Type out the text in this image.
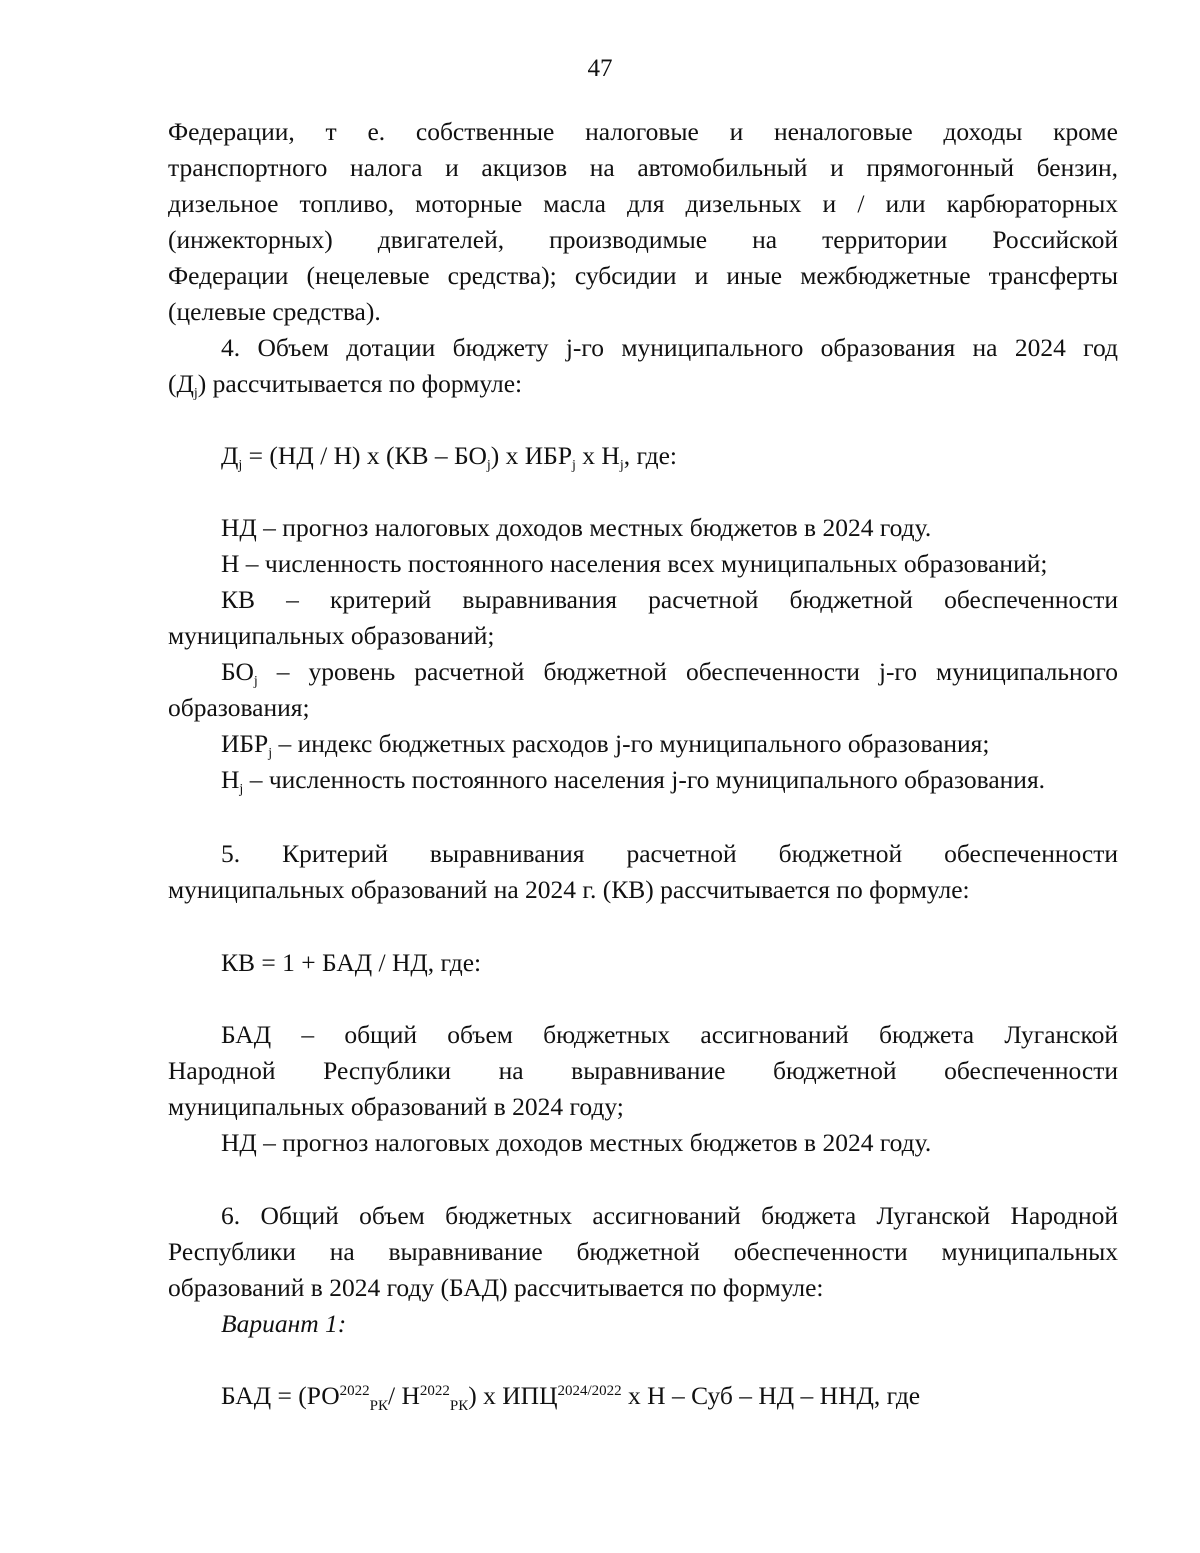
47
Федерации, т е. собственные налоговые и неналоговые доходы кроме
транспортного налога и акцизов на автомобильный и прямогонный бензин,
дизельное топливо, моторные масла для дизельных и / или карбюраторных
(инжекторных) двигателей, производимые на территории Российской
Федерации (нецелевые средства); субсидии и иные межбюджетные трансферты
(целевые средства).
4. Объем дотации бюджету j-го муниципального образования на 2024 год
$(Д_j)$ рассчитывается по формуле:
$Д_j = (НД / Н)$ х $(КВ - БО_j)$ х $ИБР_j$ х $Н_j$, где:
НД – прогноз налоговых доходов местных бюджетов в 2024 году.
Н – численность постоянного населения всех муниципальных образований;
КВ – критерий выравнивания расчетной бюджетной обеспеченности
муниципальных образований;
$БО_j$ – уровень расчетной бюджетной обеспеченности j-го муниципального
образования;
$ИБР_j$ – индекс бюджетных расходов j-го муниципального образования;
$Н_j$ – численность постоянного населения j-го муниципального образования.
5. Критерий выравнивания расчетной бюджетной обеспеченности
муниципальных образований на 2024 г. (КВ) рассчитывается по формуле:
КВ = 1 + БАД / НД, где:
БАД – общий объем бюджетных ассигнований бюджета Луганской
Народной Республики на выравнивание бюджетной обеспеченности
муниципальных образований в 2024 году;
НД – прогноз налоговых доходов местных бюджетов в 2024 году.
6. Общий объем бюджетных ассигнований бюджета Луганской Народной
Республики на выравнивание бюджетной обеспеченности муниципальных
образований в 2024 году (БАД) рассчитывается по формуле:
Вариант 1:
БАД = ($РО^{2022}_{РК}/$ $Н^{2022}_{РК}$) х $ИПЦ^{2024/2022}$ х Н – Суб – НД – ННД, где
